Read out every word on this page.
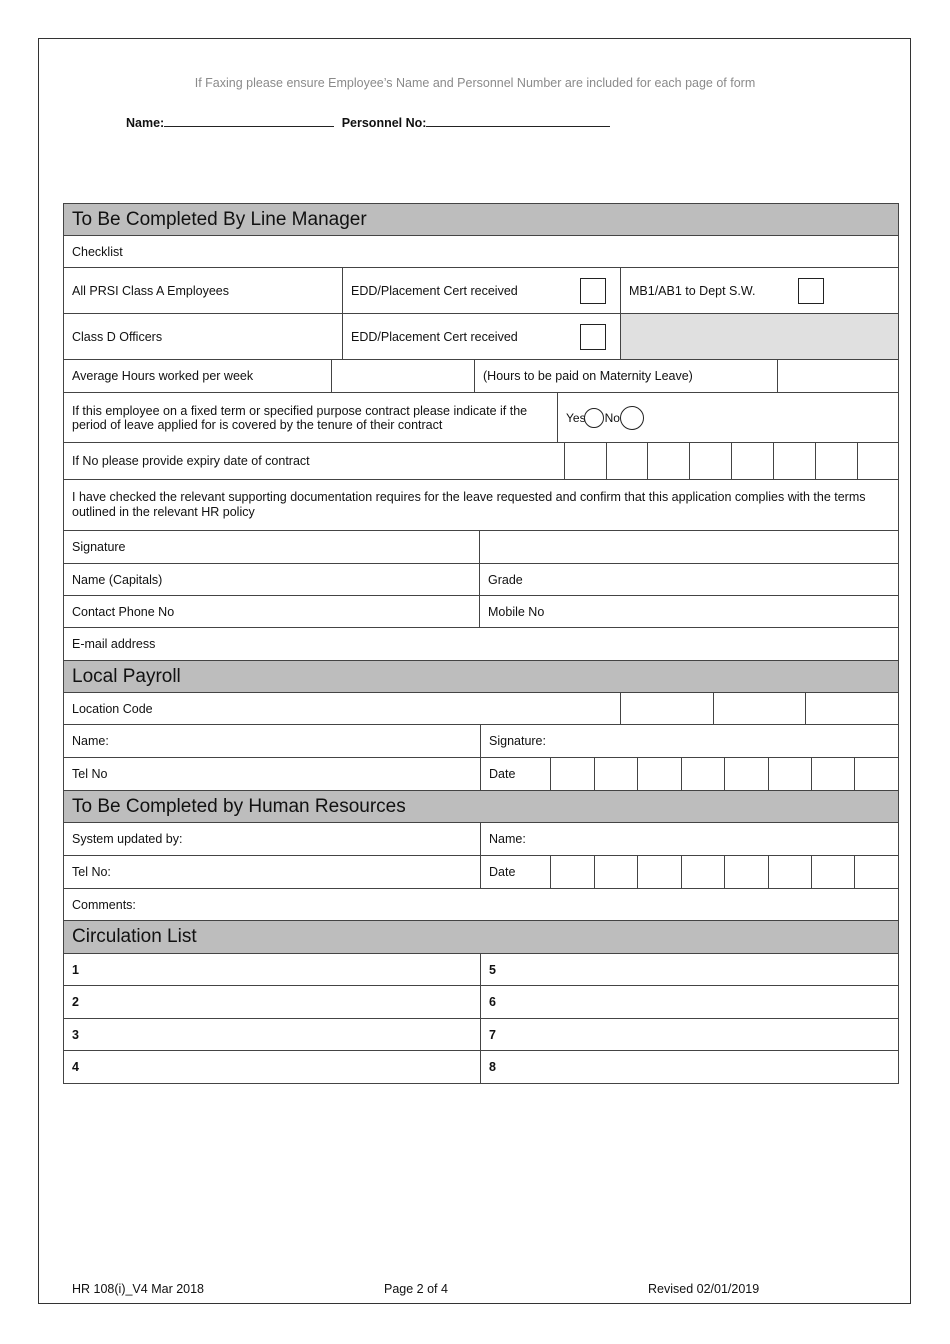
If Faxing please ensure Employee’s Name and Personnel Number are included for each page of form
Name:	Personnel No:
To Be Completed By Line Manager
Checklist
All PRSI Class A Employees	EDD/Placement Cert received	MB1/AB1 to Dept S.W.
Class D Officers	EDD/Placement Cert received
Average Hours worked per week	(Hours to be paid on Maternity Leave)
If this employee on a fixed term or specified purpose contract please indicate if the period of leave applied for is covered by the tenure of their contract	Yes No
If No please provide expiry date of contract
I have checked the relevant supporting documentation requires for the leave requested and confirm that this application complies with the terms outlined in the relevant HR policy
Signature
Name (Capitals)	Grade
Contact Phone No	Mobile No
E-mail address
Local Payroll
Location Code
Name:	Signature:
Tel No	Date
To Be Completed by Human Resources
System updated by:	Name:
Tel No:	Date
Comments:
Circulation List
1	5
2	6
3	7
4	8
HR 108(i)_V4 Mar 2018	Page 2 of 4	Revised 02/01/2019
